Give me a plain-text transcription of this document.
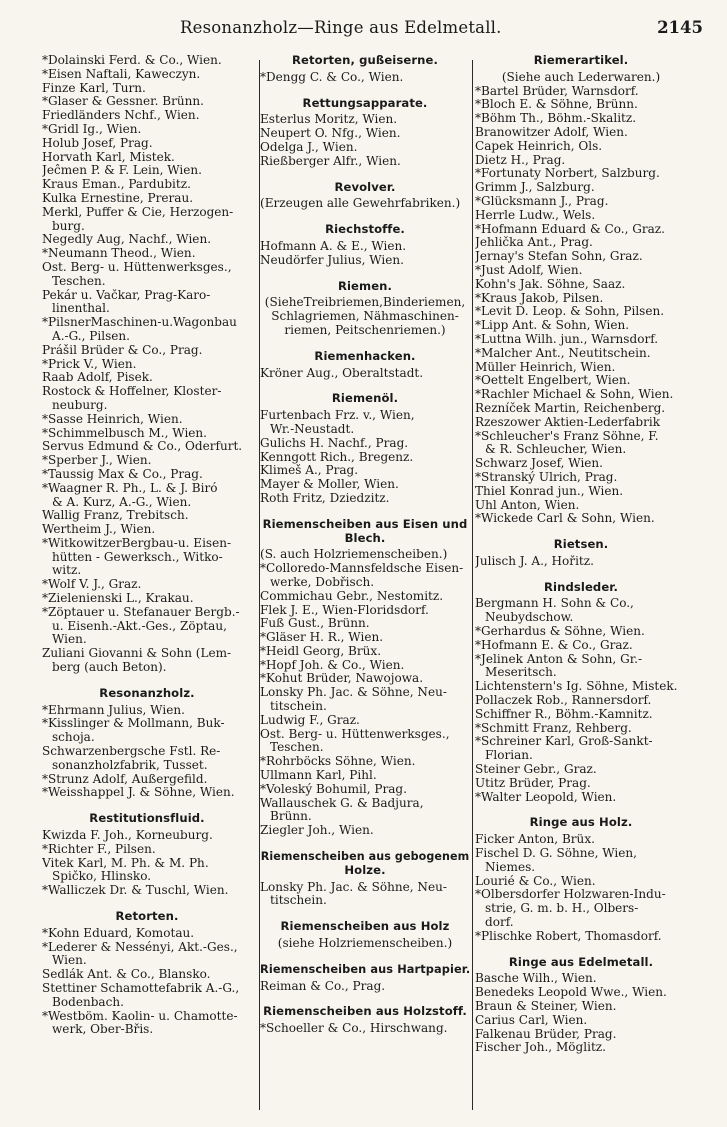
Resonanzholz—Ringe aus Edelmetall.	2145
*Dolainski Ferd. & Co., Wien.
*Eisen Naftali, Kaweczyn.
Finze Karl, Turn.
*Glaser & Gessner. Brünn.
Friedländers Nchf., Wien.
*Gridl Ig., Wien.
Holub Josef, Prag.
Horvath Karl, Mistek.
Jeĉmen P. & F. Lein, Wien.
Kraus Eman., Pardubitz.
Kulka Ernestine, Prerau.
Merkl, Puffer & Cie, Herzogen-
burg.
Negedly Aug, Nachf., Wien.
*Neumann Theod., Wien.
Öst. Berg- u. Hüttenwerksges.,
Teschen.
Pekár u. Vačkar, Prag-Karo-
linenthal.
*PilsnerMaschinen-u.Wagonbau
A.-G., Pilsen.
Prášil Brüder & Co., Prag.
*Prick V., Wien.
Raab Adolf, Pisek.
Rostock & Hoffelner, Kloster-
neuburg.
*Sasse Heinrich, Wien.
*Schimmelbusch M., Wien.
Servus Edmund & Co., Oderfurt.
*Sperber J., Wien.
*Taussig Max & Co., Prag.
*Waagner R. Ph., L. & J. Biró
& A. Kurz, A.-G., Wien.
Wallig Franz, Trebitsch.
Wertheim J., Wien.
*WitkowitzerBergbau-u. Eisen-
hütten - Gewerksch., Witko-
witz.
*Wolf V. J., Graz.
*Zielenienski L., Krakau.
*Zöptauer u. Stefanauer Bergb.-
u. Eisenh.-Akt.-Ges., Zöptau,
Wien.
Zuliani Giovanni & Sohn (Lem-
berg (auch Beton).
Resonanzholz.
*Ehrmann Julius, Wien.
*Kisslinger & Mollmann, Buk-
schoja.
Schwarzenbergsche Fstl. Re-
sonanzholzfabrik, Tusset.
*Strunz Adolf, Außergefild.
*Weisshappel J. & Söhne, Wien.
Restitutionsfluid.
Kwizda F. Joh., Korneuburg.
*Richter F., Pilsen.
Vitek Karl, M. Ph. & M. Ph.
Špičko, Hlinsko.
*Walliczek Dr. & Tuschl, Wien.
Retorten.
*Kohn Eduard, Komotau.
*Lederer & Nessényi, Akt.-Ges.,
Wien.
Sedlák Ant. & Co., Blansko.
Stettiner Schamottefabrik A.-G.,
Bodenbach.
*Westböm. Kaolin- u. Chamotte-
werk, Ober-Břis.
Retorten, gußeiserne.
*Dengg C. & Co., Wien.
Rettungsapparate.
Esterlus Moritz, Wien.
Neupert O. Nfg., Wien.
Odelga J., Wien.
Rießberger Alfr., Wien.
Revolver.
(Erzeugen alle Gewehrfabriken.)
Riechstoffe.
Hofmann A. & E., Wien.
Neudörfer Julius, Wien.
Riemen.
(SieheTreibriemen,Binderiemen,
Schlagriemen, Nähmaschinen-
riemen, Peitschenriemen.)
Riemenhacken.
Kröner Aug., Oberaltstadt.
Riemenöl.
Furtenbach Frz. v., Wien,
Wr.-Neustadt.
Gulichs H. Nachf., Prag.
Kenngott Rich., Bregenz.
Klimeš A., Prag.
Mayer & Moller, Wien.
Roth Fritz, Dziedzitz.
Riemenscheiben aus Eisen und
Blech.
(S. auch Holzriemenscheiben.)
*Colloredo-Mannsfeldsche Eisen-
werke, Dobřisch.
Commichau Gebr., Nestomitz.
Flek J. E., Wien-Floridsdorf.
Fuß Gust., Brünn.
*Gläser H. R., Wien.
*Heidl Georg, Brüx.
*Hopf Joh. & Co., Wien.
*Kohut Brüder, Nawojowa.
Lonsky Ph. Jac. & Söhne, Neu-
titschein.
Ludwig F., Graz.
Öst. Berg- u. Hüttenwerksges.,
Teschen.
*Rohrböcks Söhne, Wien.
Ullmann Karl, Pihl.
*Voleský Bohumil, Prag.
Wallauschek G. & Badjura,
Brünn.
Ziegler Joh., Wien.
Riemenscheiben aus gebogenem
Holze.
Lonsky Ph. Jac. & Söhne, Neu-
titschein.
Riemenscheiben aus Holz
(siehe Holzriemenscheiben.)
Riemenscheiben aus Hartpapier.
Reiman & Co., Prag.
Riemenscheiben aus Holzstoff.
*Schoeller & Co., Hirschwang.
Riemerartikel.
(Siehe auch Lederwaren.)
*Bartel Brüder, Warnsdorf.
*Bloch E. & Söhne, Brünn.
*Böhm Th., Böhm.-Skalitz.
Branowitzer Adolf, Wien.
Čapek Heinrich, Öls.
Dietz H., Prag.
*Fortunaty Norbert, Salzburg.
Grimm J., Salzburg.
*Glücksmann J., Prag.
Herrle Ludw., Wels.
*Hofmann Eduard & Co., Graz.
Jehlička Ant., Prag.
Jernay's Stefan Sohn, Graz.
*Just Adolf, Wien.
Kohn's Jak. Söhne, Saaz.
*Kraus Jakob, Pilsen.
*Levit D. Leop. & Sohn, Pilsen.
*Lipp Ant. & Sohn, Wien.
*Luttna Wilh. jun., Warnsdorf.
*Malcher Ant., Neutitschein.
Müller Heinrich, Wien.
*Oettelt Engelbert, Wien.
*Rachler Michael & Sohn, Wien.
Rezníček Martin, Reichenberg.
Rzeszower Aktien-Lederfabrik
*Schleucher's Franz Söhne, F.
& R. Schleucher, Wien.
Schwarz Josef, Wien.
*Stranský Ulrich, Prag.
Thiel Konrad jun., Wien.
Uhl Anton, Wien.
*Wickede Carl & Sohn, Wien.
Rietsen.
Julisch J. A., Hořitz.
Rindsleder.
Bergmann H. Sohn & Co.,
Neubydschow.
*Gerhardus & Söhne, Wien.
*Hofmann E. & Co., Graz.
*Jelinek Anton & Sohn, Gr.-
Meseritsch.
Lichtenstern's Ig. Söhne, Mistek.
Pollaczek Rob., Rannersdorf.
Schiffner R., Böhm.-Kamnitz.
*Schmitt Franz, Rehberg.
*Schreiner Karl, Groß-Sankt-
Florian.
Steiner Gebr., Graz.
Utitz Brüder, Prag.
*Walter Leopold, Wien.
Ringe aus Holz.
Ficker Anton, Brüx.
Fischel D. G. Söhne, Wien,
Niemes.
Lourié & Co., Wien.
*Olbersdorfer Holzwaren-Indu-
strie, G. m. b. H., Olbers-
dorf.
*Plischke Robert, Thomasdorf.
Ringe aus Edelmetall.
Basche Wilh., Wien.
Benedeks Leopold Wwe., Wien.
Braun & Steiner, Wien.
Carius Carl, Wien.
Falkenau Brüder, Prag.
Fischer Joh., Möglitz.
